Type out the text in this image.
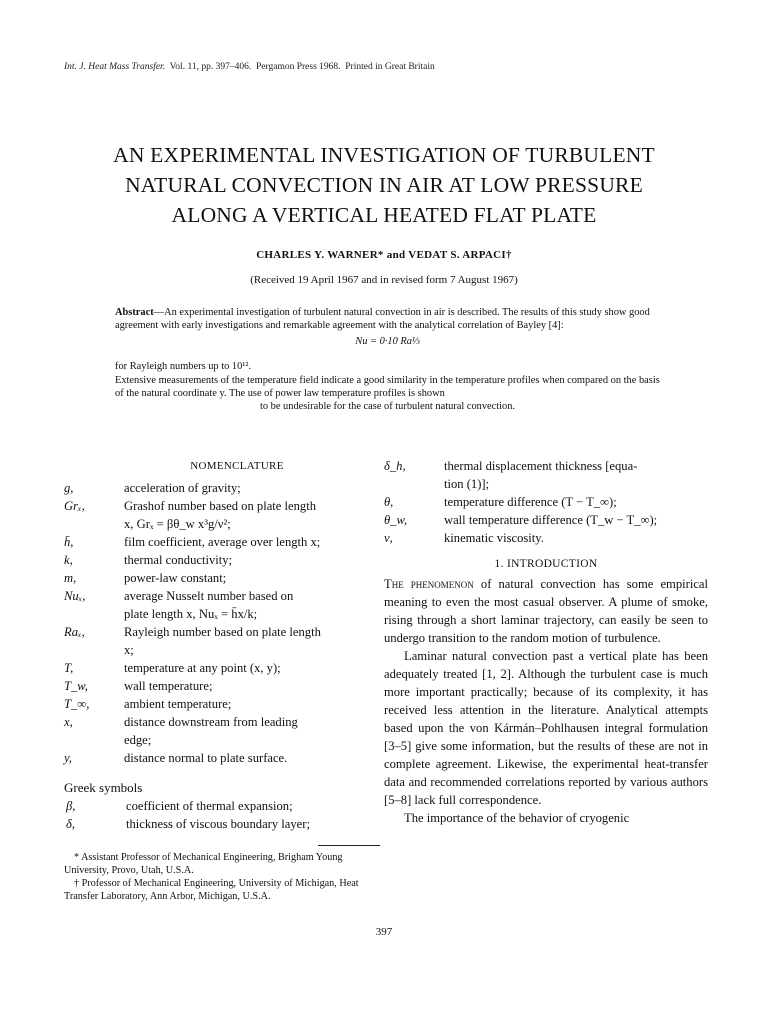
Int. J. Heat Mass Transfer. Vol. 11, pp. 397–406. Pergamon Press 1968. Printed in Great Britain
AN EXPERIMENTAL INVESTIGATION OF TURBULENT
NATURAL CONVECTION IN AIR AT LOW PRESSURE
ALONG A VERTICAL HEATED FLAT PLATE
CHARLES Y. WARNER* and VEDAT S. ARPACI†
(Received 19 April 1967 and in revised form 7 August 1967)

Abstract—An experimental investigation of turbulent natural convection in air is described. The results of this study show good agreement with early investigations and remarkable agreement with the analytical correlation of Bayley [4]:

Nu = 0·10 Ra⅓

for Rayleigh numbers up to 10¹².

Extensive measurements of the temperature field indicate a good similarity in the temperature profiles when compared on the basis of the natural coordinate y. The use of power law temperature profiles is shown

to be undesirable for the case of turbulent natural convection.

NOMENCLATURE
g,	acceleration of gravity;
Grₓ,	Grashof number based on plate length
x, Grₓ = βθ_w x³g/ν²;
h̄,	film coefficient, average over length x;
k,	thermal conductivity;
m,	power-law constant;
Nuₓ,	average Nusselt number based on
plate length x, Nuₓ = h̄x/k;
Raₓ,	Rayleigh number based on plate length
x;
T,	temperature at any point (x, y);
T_w,	wall temperature;
T_∞,	ambient temperature;
x,	distance downstream from leading
edge;
y,	distance normal to plate surface.
Greek symbols
β,	coefficient of thermal expansion;
δ,	thickness of viscous boundary layer;

* Assistant Professor of Mechanical Engineering, Brigham Young University, Provo, Utah, U.S.A.

† Professor of Mechanical Engineering, University of Michigan, Heat Transfer Laboratory, Ann Arbor, Michigan, U.S.A.

δ_h,	thermal displacement thickness [equa-
tion (1)];
θ,	temperature difference (T − T_∞);
θ_w,	wall temperature difference (T_w − T_∞);
ν,	kinematic viscosity.
1. INTRODUCTION

The phenomenon of natural convection has some empirical meaning to even the most casual observer. A plume of smoke, rising through a short laminar trajectory, can easily be seen to undergo transition to the random motion of turbulence.

Laminar natural convection past a vertical plate has been adequately treated [1, 2]. Although the turbulent case is much more important practically; because of its complexity, it has received less attention in the literature. Analytical attempts based upon the von Kármán–Pohlhausen integral formulation [3–5] give some information, but the results of these are not in complete agreement. Likewise, the experimental heat-transfer data and recommended correlations reported by various authors [5–8] lack full correspondence.

The importance of the behavior of cryogenic

397
